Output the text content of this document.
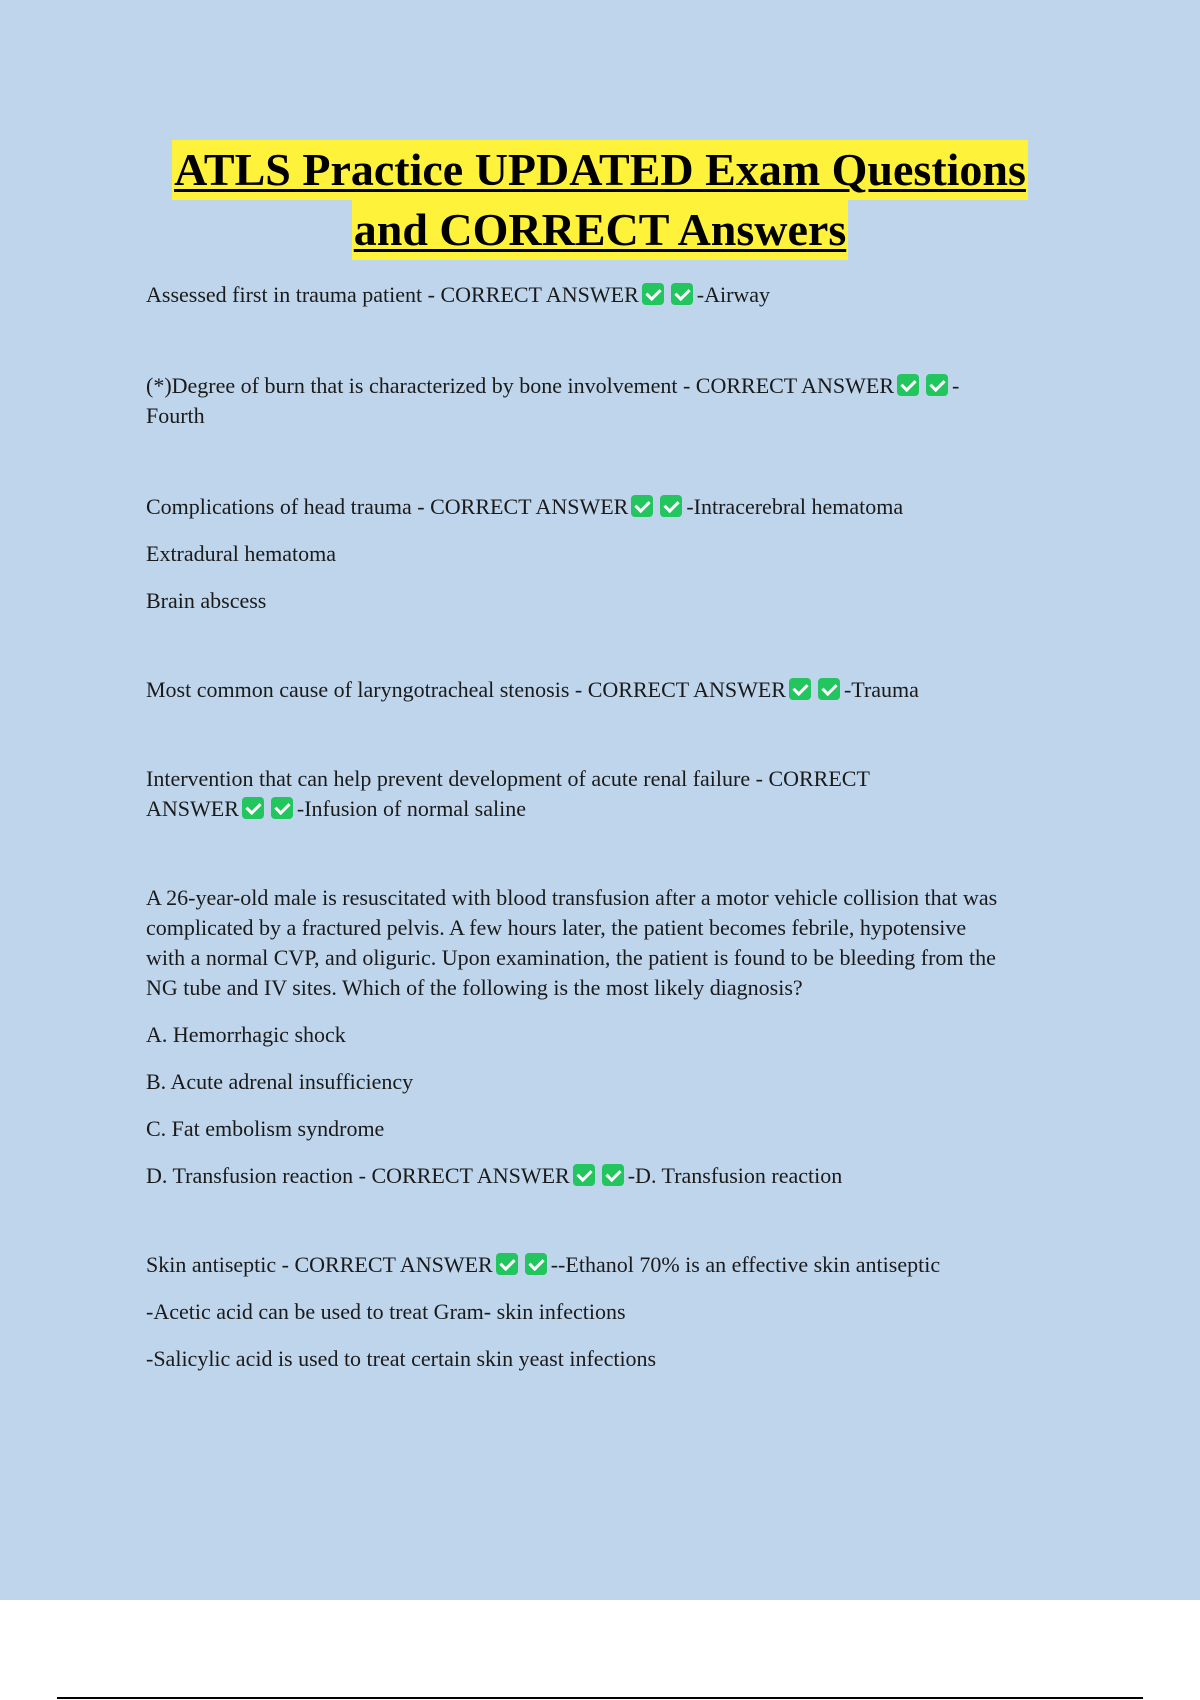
ATLS Practice UPDATED Exam Questions
and CORRECT Answers

Assessed first in trauma patient - CORRECT ANSWER	-Airway

(*)Degree of burn that is characterized by bone involvement - CORRECT ANSWER	-

Fourth

Complications of head trauma - CORRECT ANSWER	-Intracerebral hematoma

Extradural hematoma

Brain abscess

Most common cause of laryngotracheal stenosis - CORRECT ANSWER	-Trauma

Intervention that can help prevent development of acute renal failure - CORRECT

ANSWER	-Infusion of normal saline

A 26-year-old male is resuscitated with blood transfusion after a motor vehicle collision that was

complicated by a fractured pelvis. A few hours later, the patient becomes febrile, hypotensive

with a normal CVP, and oliguric. Upon examination, the patient is found to be bleeding from the

NG tube and IV sites. Which of the following is the most likely diagnosis?

A. Hemorrhagic shock

B. Acute adrenal insufficiency

C. Fat embolism syndrome

D. Transfusion reaction - CORRECT ANSWER	-D. Transfusion reaction

Skin antiseptic - CORRECT ANSWER	--Ethanol 70% is an effective skin antiseptic

-Acetic acid can be used to treat Gram- skin infections

-Salicylic acid is used to treat certain skin yeast infections
